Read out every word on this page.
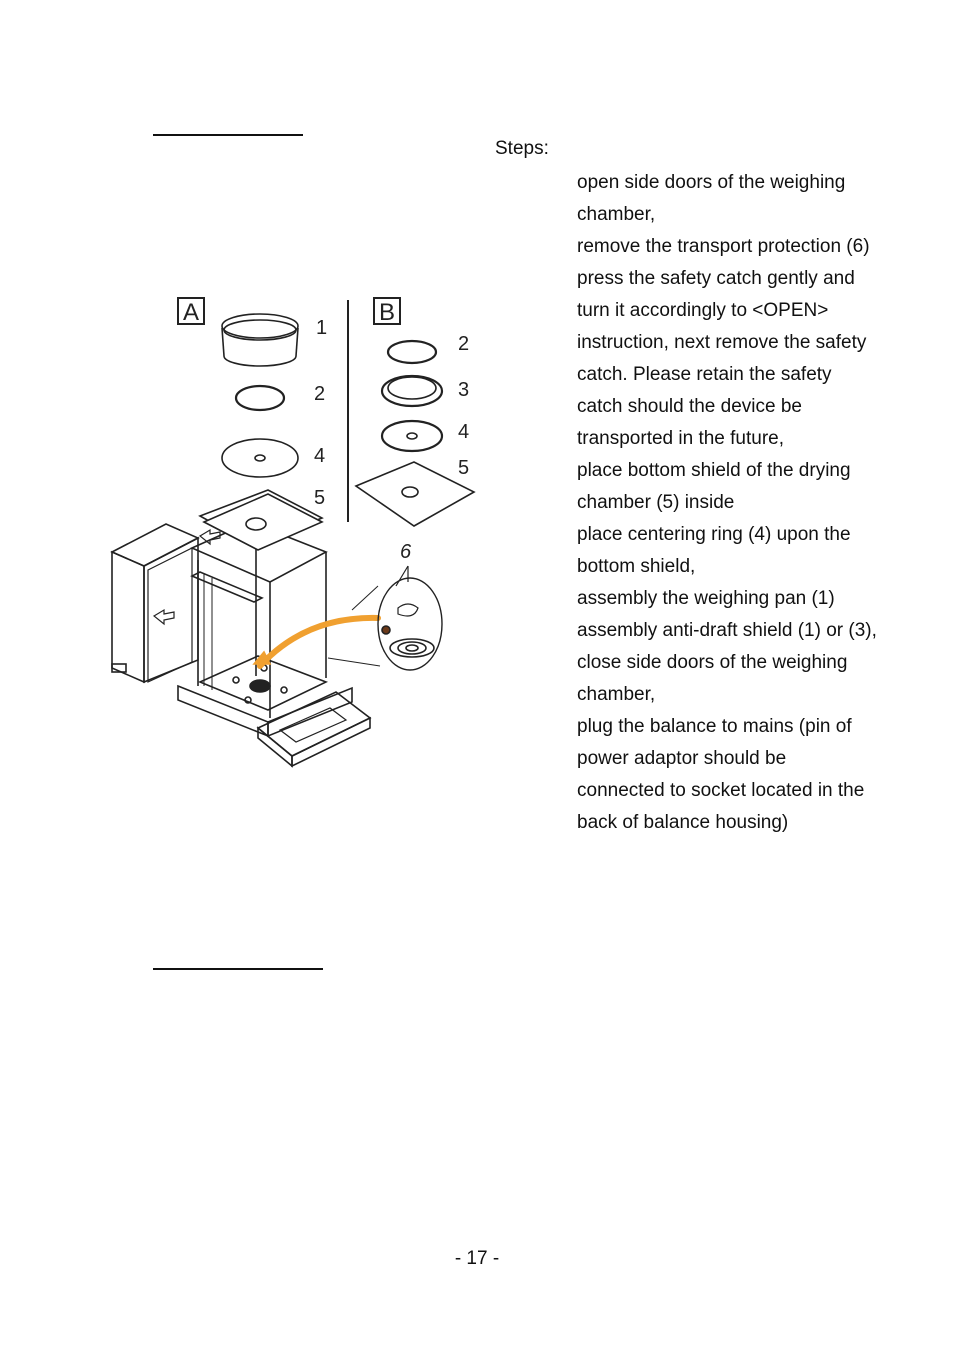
Steps:
open side doors of the weighing chamber,
remove the transport protection (6)
press the safety catch gently and turn it accordingly to <OPEN> instruction, next remove the safety catch. Please retain the safety catch should the device be transported in the future,
place bottom shield of the drying chamber (5) inside
place centering ring (4) upon the bottom shield,
assembly the weighing pan (1)
assembly anti-draft shield (1) or (3),
close side doors of the weighing chamber,
plug the balance to mains (pin of power adaptor should be connected to socket located in the back of balance housing)
A	B
1
2
4
5
2
3
4
5
6
- 17 -
